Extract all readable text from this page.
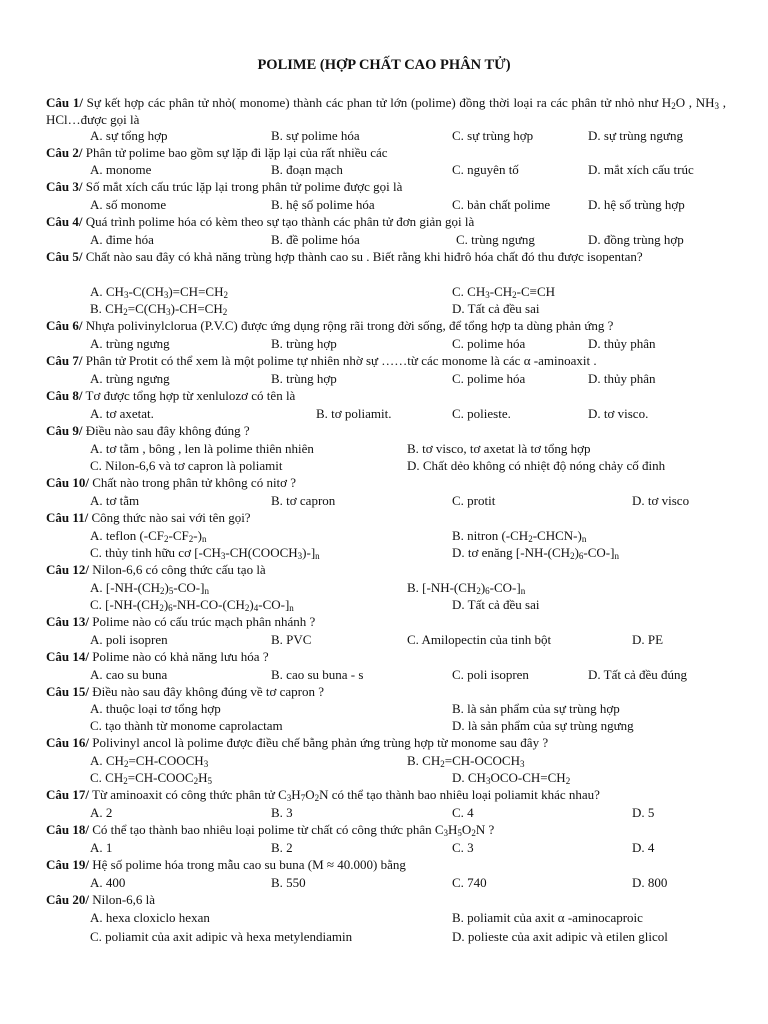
POLIME (HỢP CHẤT CAO PHÂN TỬ)
Câu 1/ Sự kết hợp các phân tử nhỏ( monome) thành các phan tử lớn (polime) đồng thời loại ra các phân tử nhỏ như $H_2O$ , $NH_3$ , HCl…được gọi là
A. sự tổng hợp	B. sự polime hóa	C. sự trùng hợp	D. sự trùng ngưng
Câu 2/ Phân tử polime bao gồm sự lặp đi lặp lại của rất nhiều các
A. monome	B. đoạn mạch	C. nguyên tố	D. mắt xích cấu trúc
Câu 3/ Số mắt xích cấu trúc lặp lại trong phân tử polime được gọi là
A. số monome	B. hệ số polime hóa	C. bản chất polime	D. hệ số trùng hợp
Câu 4/ Quá trình polime hóa có kèm theo sự tạo thành các phân tử đơn giản gọi là
A. đime hóa	B. đề polime hóa	C. trùng ngưng	D. đồng trùng hợp
Câu 5/ Chất nào sau đây có khả năng trùng hợp thành cao su . Biết rằng khi hiđrô hóa chất đó thu được isopentan?
A. $CH_3-C(CH_3)=CH=CH_2$	C. $CH_3-CH_2-C\equiv CH$
B. $CH_2=C(CH_3)-CH=CH_2$	D. Tất cả đều sai
Câu 6/ Nhựa polivinylclorua (P.V.C) được ứng dụng rộng rãi trong đời sống, để tổng hợp ta dùng phản ứng ?
A. trùng ngưng	B. trùng hợp	C. polime hóa	D. thủy phân
Câu 7/ Phân tử Protit có thể xem là một polime tự nhiên nhờ sự ……từ các monome là các α -aminoaxit .
A. trùng ngưng	B. trùng hợp	C. polime hóa	D. thủy phân
Câu 8/ Tơ được tổng hợp từ xenlulozơ có tên là
A. tơ axetat.	B. tơ poliamit.	C. polieste.	D. tơ visco.
Câu 9/ Điều nào sau đây không đúng ?
A. tơ tằm , bông , len là polime thiên nhiên	B. tơ visco, tơ axetat là tơ tổng hợp
C. Nilon-6,6 và tơ capron là poliamit	D. Chất dẻo không có nhiệt độ nóng chảy cố đinh
Câu 10/ Chất nào trong phân tử không có nitơ ?
A. tơ tằm	B. tơ capron	C. protit	D. tơ visco
Câu 11/ Công thức nào sai với tên gọi?
A. teflon $(-CF_2-CF_2-)_n$	B. nitron $(-CH_2-CHCN-)_n$
C. thủy tinh hữu cơ $[-CH_3-CH(COOCH_3)-]_n$	D. tơ enăng $[-NH-(CH_2)_6-CO-]_n$
Câu 12/ Nilon-6,6 có công thức cấu tạo là
A. $[-NH-(CH_2)_5-CO-]_n$	B. $[-NH-(CH_2)_6-CO-]_n$
C. $[-NH-(CH_2)_6-NH-CO-(CH_2)_4-CO-]_n$	D. Tất cả đều sai
Câu 13/ Polime nào có cấu trúc mạch phân nhánh ?
A. poli isopren	B. PVC	C. Amilopectin của tinh bột	D. PE
Câu 14/ Polime nào có khả năng lưu hóa ?
A. cao su buna	B. cao su buna - s	C. poli isopren	D. Tất cả đều đúng
Câu 15/ Điều nào sau đây không đúng về tơ capron ?
A. thuộc loại tơ tổng hợp	B. là sản phẩm của sự trùng hợp
C. tạo thành từ monome caprolactam	D. là sản phẩm của sự trùng ngưng
Câu 16/ Polivinyl ancol là polime được điều chế bằng phản ứng trùng hợp từ monome sau đây ?
A. $CH_2=CH-COOCH_3$	B. $CH_2=CH-OCOCH_3$
C. $CH_2=CH-COOC_2H_5$	D. $CH_3OCO-CH=CH_2$
Câu 17/ Từ aminoaxit có công thức phân tử $C_3H_7O_2N$ có thể tạo thành bao nhiêu loại poliamit khác nhau?
A. 2	B. 3	C. 4	D. 5
Câu 18/ Có thể tạo thành bao nhiêu loại polime từ chất có công thức phân $C_3H_5O_2N$ ?
A. 1	B. 2	C. 3	D. 4
Câu 19/ Hệ số polime hóa trong mẫu cao su buna (M ≈ 40.000) bằng
A. 400	B. 550	C. 740	D. 800
Câu 20/ Nilon-6,6 là
A. hexa cloxiclo hexan	B. poliamit của axit α -aminocaproic
C. poliamit của axit adipic và hexa metylendiamin	D. polieste của axit adipic và etilen glicol
